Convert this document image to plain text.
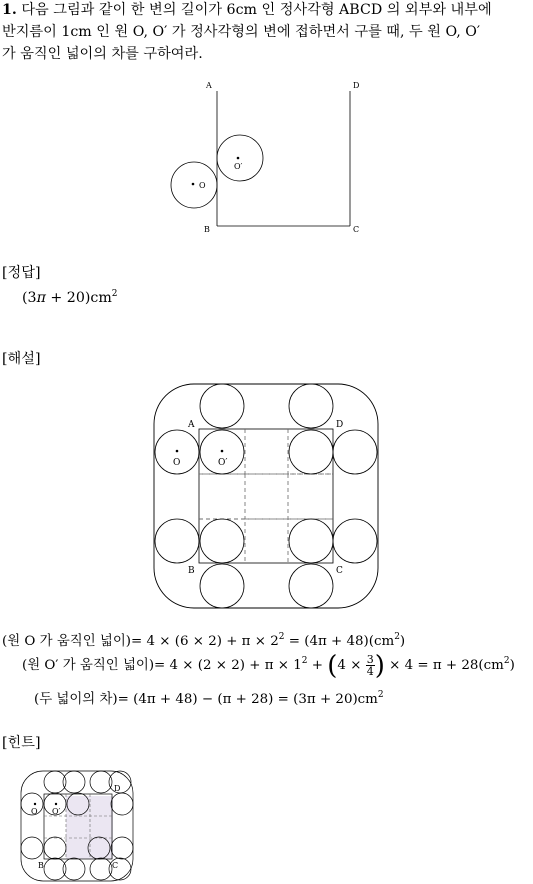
1. 다음 그림과 같이 한 변의 길이가 6cm 인 정사각형 ABCD 의 외부와 내부에
반지름이 1cm 인 원 O, O′ 가 정사각형의 변에 접하면서 구를 때, 두 원 O, O′
가 움직인 넓이의 차를 구하여라.
A	D
B	C
O
O′
[정답]
$(3\pi + 20)cm^2$
[해설]
O	O′
A	D
B	C
(원 O 가 움직인 넓이)= $4 \times (6 \times 2) + \pi \times 2^2 = (4\pi + 48)(cm^2)$
(원 O′ 가 움직인 넓이)= $4 \times (2 \times 2) + \pi \times 1^2 + (4 \times \frac{3}{4}$ ) × $4 = \pi + 28(cm^2)$
(두 넓이의 차)= $(4\pi + 48) - (\pi + 28) = (3\pi + 20)cm^2$
[힌트]
O O′
D
B	C
